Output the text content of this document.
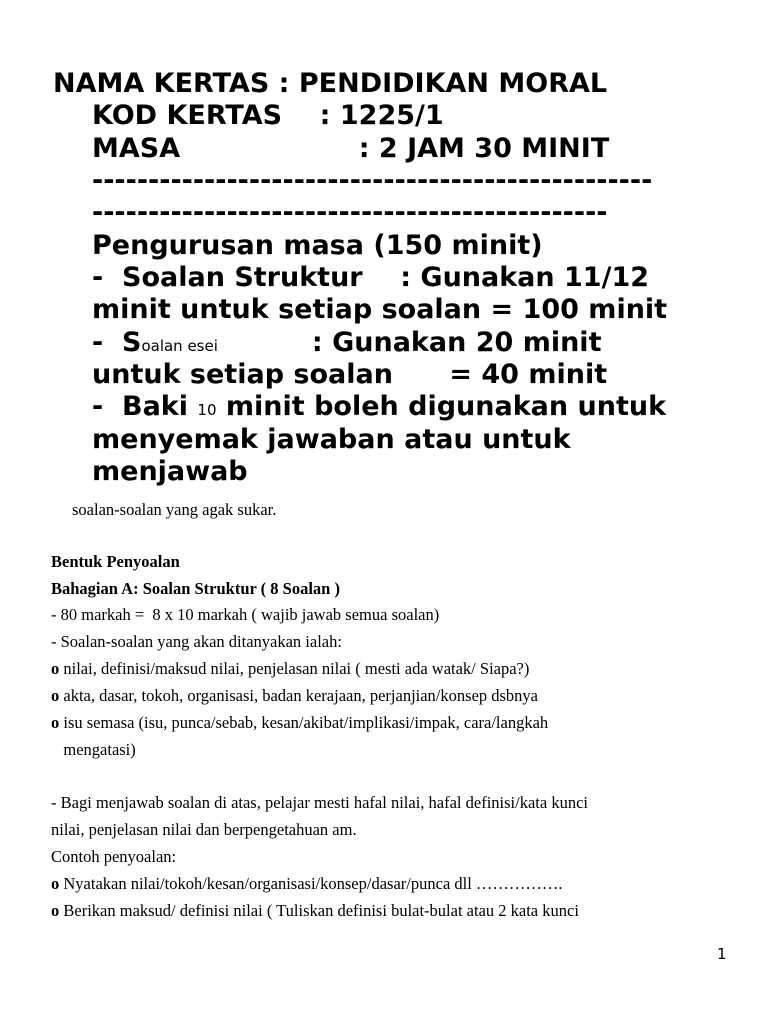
NAMA KERTAS : PENDIDIKAN MORAL

KOD KERTAS    : 1225/1

MASA                   : 2 JAM 30 MINIT

--------------------------------------------------

----------------------------------------------

Pengurusan masa (150 minit)

-  Soalan Struktur    : Gunakan 11/12

minit untuk setiap soalan = 100 minit

-  Soalan esei          : Gunakan 20 minit

untuk setiap soalan      = 40 minit

-  Baki 10 minit boleh digunakan untuk

menyemak jawaban atau untuk

menjawab

soalan-soalan yang agak sukar.

Bentuk Penyoalan

Bahagian A: Soalan Struktur ( 8 Soalan )

- 80 markah =  8 x 10 markah ( wajib jawab semua soalan)

- Soalan-soalan yang akan ditanyakan ialah:

o nilai, definisi/maksud nilai, penjelasan nilai ( mesti ada watak/ Siapa?)

o akta, dasar, tokoh, organisasi, badan kerajaan, perjanjian/konsep dsbnya

o isu semasa (isu, punca/sebab, kesan/akibat/implikasi/impak, cara/langkah

mengatasi)

- Bagi menjawab soalan di atas, pelajar mesti hafal nilai, hafal definisi/kata kunci

nilai, penjelasan nilai dan berpengetahuan am.

Contoh penyoalan:

o Nyatakan nilai/tokoh/kesan/organisasi/konsep/dasar/punca dll …………….

o Berikan maksud/ definisi nilai ( Tuliskan definisi bulat-bulat atau 2 kata kunci

1
